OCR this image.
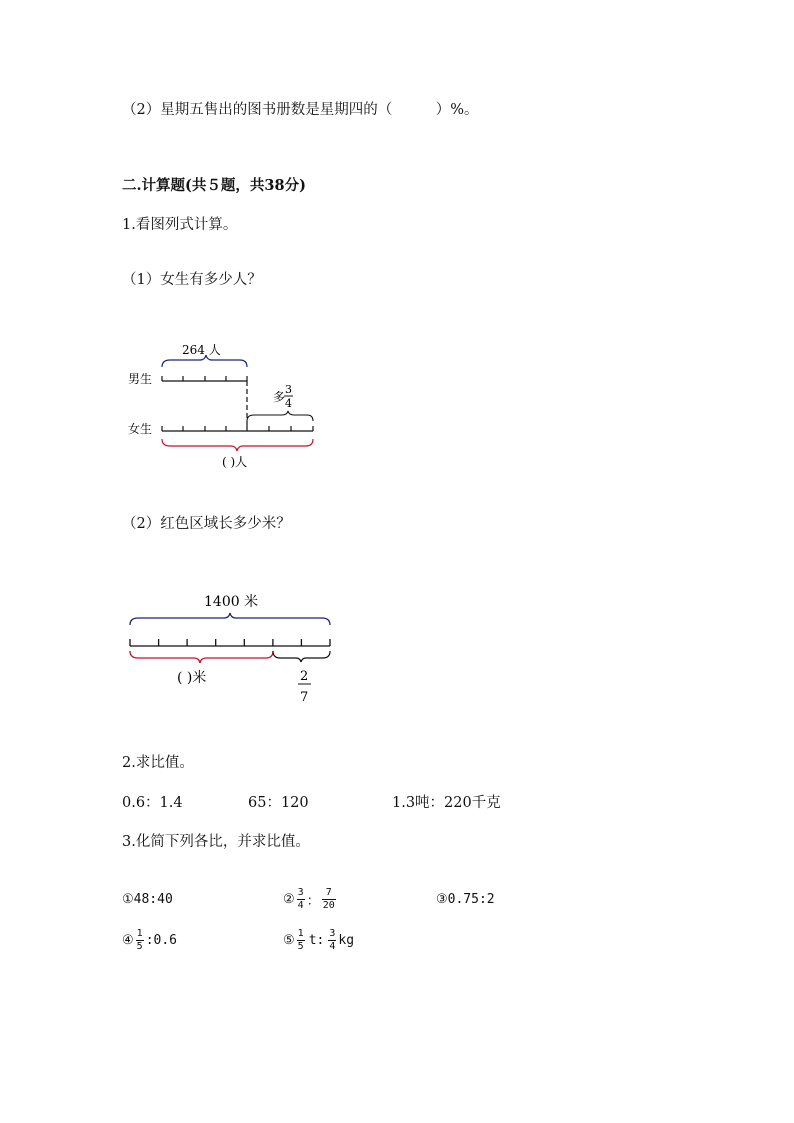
（2）星期五售出的图书册数是星期四的（　　　）%。
二.计算题(共５题，共38分)
1.看图列式计算。
（1）女生有多少人？
264 人
男生
多
3
4
女生
( )人
（2）红色区域长多少米？
1400 米
( )米	2
7
2.求比值。
0.6：1.4	65：120	1.3吨：220千克
3.化简下列各比，并求比值。
①48:40	② $\frac{3}{4}$ ： $\frac{7}{20}$	③0.75:2
④ $\frac{1}{5}$ :0.6	⑤ $\frac{1}{5} t$: $\frac{3}{4}$ kg
